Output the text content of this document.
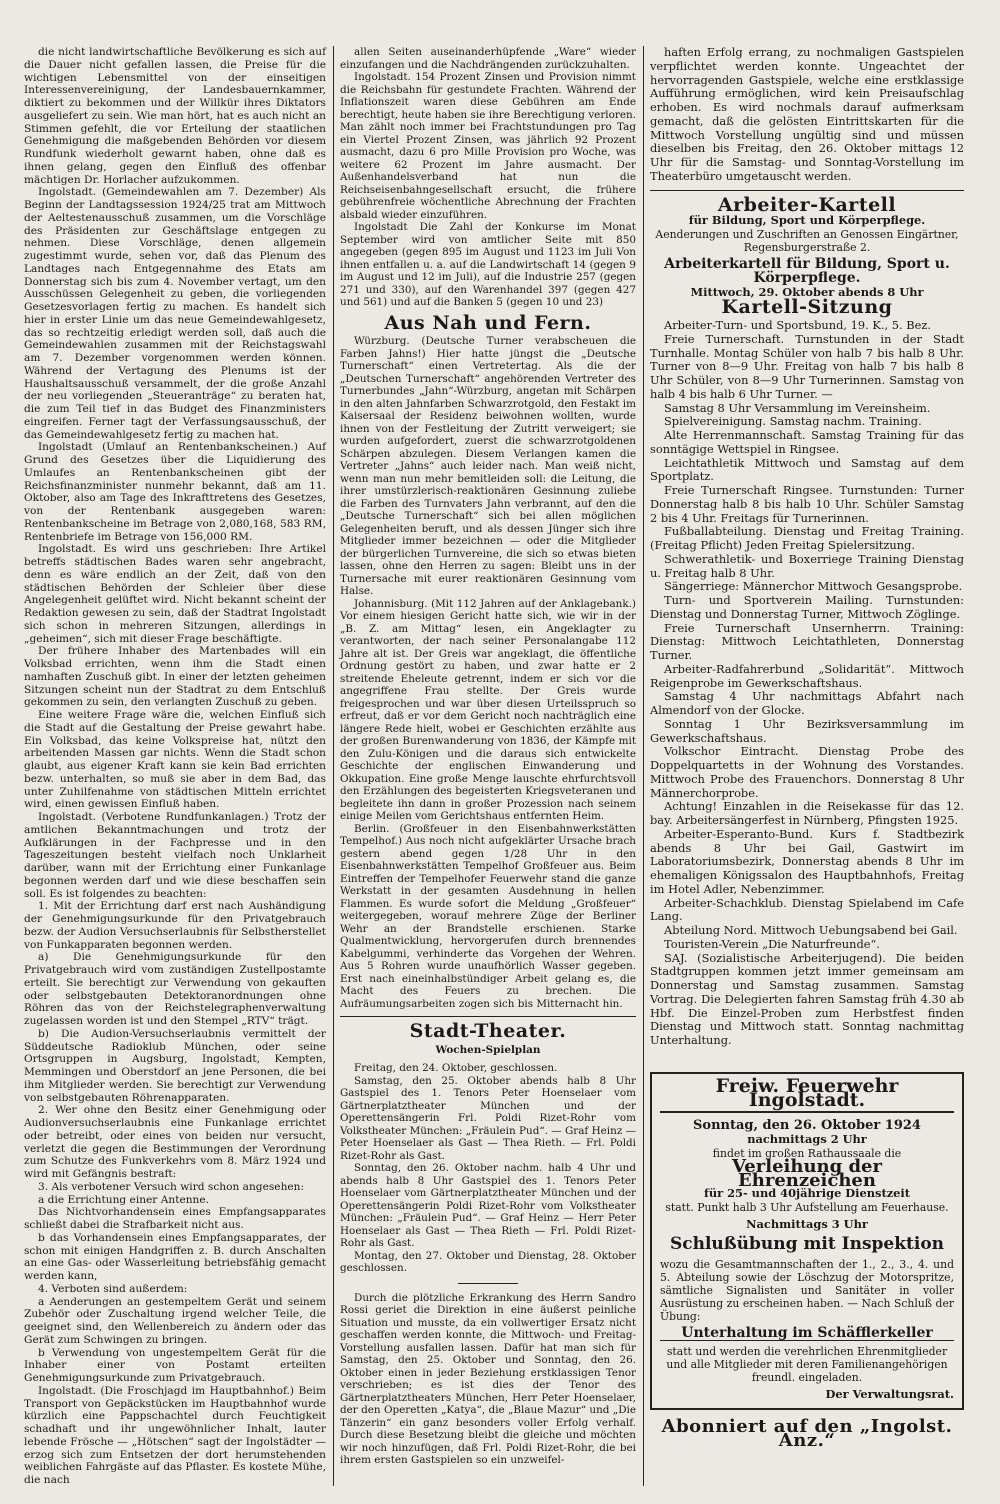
die nicht landwirtschaftliche Bevölkerung es sich auf die Dauer nicht gefallen lassen, die Preise für die wichtigen Lebensmittel von der einseitigen Interessenvereinigung, der Landesbauernkammer, diktiert zu bekommen und der Willkür ihres Diktators ausgeliefert zu sein. Wie man hört, hat es auch nicht an Stimmen gefehlt, die vor Erteilung der staatlichen Genehmigung die maßgebenden Behörden vor diesem Rundfunk wiederholt gewarnt haben, ohne daß es ihnen gelang, gegen den Einfluß des offenbar mächtigen Dr. Horlacher aufzukommen.

Ingolstadt. (Gemeindewahlen am 7. Dezember) Als Beginn der Landtagssession 1924/25 trat am Mittwoch der Aeltestenausschuß zusammen, um die Vorschläge des Präsidenten zur Geschäftslage entgegen zu nehmen. Diese Vorschläge, denen allgemein zugestimmt wurde, sehen vor, daß das Plenum des Landtages nach Entgegennahme des Etats am Donnerstag sich bis zum 4. November vertagt, um den Ausschüssen Gelegenheit zu geben, die vorliegenden Gesetzesvorlagen fertig zu machen. Es handelt sich hier in erster Linie um das neue Gemeindewahlgesetz, das so rechtzeitig erledigt werden soll, daß auch die Gemeindewahlen zusammen mit der Reichstagswahl am 7. Dezember vorgenommen werden können. Während der Vertagung des Plenums ist der Haushaltsausschuß versammelt, der die große Anzahl der neu vorliegenden „Steueranträge“ zu beraten hat, die zum Teil tief in das Budget des Finanzministers eingreifen. Ferner tagt der Verfassungsausschuß, der das Gemeindewahlgesetz fertig zu machen hat.

Ingolstadt (Umlauf an Rentenbankscheinen.) Auf Grund des Gesetzes über die Liquidierung des Umlaufes an Rentenbankscheinen gibt der Reichsfinanzminister nunmehr bekannt, daß am 11. Oktober, also am Tage des Inkrafttretens des Gesetzes, von der Rentenbank ausgegeben waren: Rentenbankscheine im Betrage von 2,080,168, 583 RM, Rentenbriefe im Betrage von 156,000 RM.

Ingolstadt. Es wird uns geschrieben: Ihre Artikel betreffs städtischen Bades waren sehr angebracht, denn es wäre endlich an der Zeit, daß von den städtischen Behörden der Schleier über diese Angelegenheit gelüftet wird. Nicht bekannt scheint der Redaktion gewesen zu sein, daß der Stadtrat Ingolstadt sich schon in mehreren Sitzungen, allerdings in „geheimen“, sich mit dieser Frage beschäftigte.

Der frühere Inhaber des Martenbades will ein Volksbad errichten, wenn ihm die Stadt einen namhaften Zuschuß gibt. In einer der letzten geheimen Sitzungen scheint nun der Stadtrat zu dem Entschluß gekommen zu sein, den verlangten Zuschuß zu geben.

Eine weitere Frage wäre die, welchen Einfluß sich die Stadt auf die Gestaltung der Preise gewahrt habe. Ein Volksbad, das keine Volkspreise hat, nützt den arbeitenden Massen gar nichts. Wenn die Stadt schon glaubt, aus eigener Kraft kann sie kein Bad errichten bezw. unterhalten, so muß sie aber in dem Bad, das unter Zuhilfenahme von städtischen Mitteln errichtet wird, einen gewissen Einfluß haben.

Ingolstadt. (Verbotene Rundfunkanlagen.) Trotz der amtlichen Bekanntmachungen und trotz der Aufklärungen in der Fachpresse und in den Tageszeitungen besteht vielfach noch Unklarheit darüber, wann mit der Errichtung einer Funkanlage begonnen werden darf und wie diese beschaffen sein soll. Es ist folgendes zu beachten:

1. Mit der Errichtung darf erst nach Aushändigung der Genehmigungsurkunde für den Privatgebrauch bezw. der Audion Versuchserlaubnis für Selbstherstellet von Funkapparaten begonnen werden.

a) Die Genehmigungsurkunde für den Privatgebrauch wird vom zuständigen Zustellpostamte erteilt. Sie berechtigt zur Verwendung von gekauften oder selbstgebauten Detektoranordnungen ohne Röhren das von der Reichstelegraphenverwaltung zugelassen worden ist und den Stempel „RTV“ trägt.

b) Die Audion-Versuchserlaubnis vermittelt der Süddeutsche Radioklub München, oder seine Ortsgruppen in Augsburg, Ingolstadt, Kempten, Memmingen und Oberstdorf an jene Personen, die bei ihm Mitglieder werden. Sie berechtigt zur Verwendung von selbstgebauten Röhrenapparaten.

2. Wer ohne den Besitz einer Genehmigung oder Audionversuchserlaubnis eine Funkanlage errichtet oder betreibt, oder eines von beiden nur versucht, verletzt die gegen die Bestimmungen der Verordnung zum Schutze des Funkverkehrs vom 8. März 1924 und wird mit Gefängnis bestraft:

3. Als verbotener Versuch wird schon angesehen:

a die Errichtung einer Antenne.

Das Nichtvorhandensein eines Empfangsapparates schließt dabei die Strafbarkeit nicht aus.

b das Vorhandensein eines Empfangsapparates, der schon mit einigen Handgriffen z. B. durch Anschalten an eine Gas- oder Wasserleitung betriebsfähig gemacht werden kann,

4. Verboten sind außerdem:

a Aenderungen an gestempeltem Gerät und seinem Zubehör oder Zuschaltung irgend welcher Teile, die geeignet sind, den Wellenbereich zu ändern oder das Gerät zum Schwingen zu bringen.

b Verwendung von ungestempeltem Gerät für die Inhaber einer von Postamt erteilten Genehmigungsurkunde zum Privatgebrauch.

Ingolstadt. (Die Froschjagd im Hauptbahnhof.) Beim Transport von Gepäckstücken im Hauptbahnhof wurde kürzlich eine Pappschachtel durch Feuchtigkeit schadhaft und ihr ungewöhnlicher Inhalt, lauter lebende Frösche — „Hötschen“ sagt der Ingolstädter — erzog sich zum Entsetzen der dort herumstehenden weiblichen Fahrgäste auf das Pflaster. Es kostete Mühe, die nach

allen Seiten auseinanderhüpfende „Ware“ wieder einzufangen und die Nachdrängenden zurückzuhalten.

Ingolstadt. 154 Prozent Zinsen und Provision nimmt die Reichsbahn für gestundete Frachten. Während der Inflationszeit waren diese Gebühren am Ende berechtigt, heute haben sie ihre Berechtigung verloren. Man zählt noch immer bei Frachtstundungen pro Tag ein Viertel Prozent Zinsen, was jährlich 92 Prozent ausmacht, dazu 6 pro Mille Provision pro Woche, was weitere 62 Prozent im Jahre ausmacht. Der Außenhandelsverband hat nun die Reichseisenbahngesellschaft ersucht, die frühere gebührenfreie wöchentliche Abrechnung der Frachten alsbald wieder einzuführen.

Ingolstadt Die Zahl der Konkurse im Monat September wird von amtlicher Seite mit 850 angegeben (gegen 895 im August und 1123 im Juli Von ihnen entfallen u. a. auf die Landwirtschaft 14 (gegen 9 im August und 12 im Juli), auf die Industrie 257 (gegen 271 und 330), auf den Warenhandel 397 (gegen 427 und 561) und auf die Banken 5 (gegen 10 und 23)

Aus Nah und Fern.

Würzburg. (Deutsche Turner verabscheuen die Farben Jahns!) Hier hatte jüngst die „Deutsche Turnerschaft“ einen Vertretertag. Als die der „Deutschen Turnerschaft“ angehörenden Vertreter des Turnerbundes „Jahn“-Würzburg, angetan mit Schärpen in den alten Jahnfarben Schwarzrotgold, den Festakt im Kaisersaal der Residenz beiwohnen wollten, wurde ihnen von der Festleitung der Zutritt verweigert; sie wurden aufgefordert, zuerst die schwarzrotgoldenen Schärpen abzulegen. Diesem Verlangen kamen die Vertreter „Jahns“ auch leider nach. Man weiß nicht, wenn man nun mehr bemitleiden soll: die Leitung, die ihrer umstürzlerisch-reaktionären Gesinnung zuliebe die Farben des Turnvaters Jahn verbrannt, auf den die „Deutsche Turnerschaft“ sich bei allen möglichen Gelegenheiten beruft, und als dessen Jünger sich ihre Mitglieder immer bezeichnen — oder die Mitglieder der bürgerlichen Turnvereine, die sich so etwas bieten lassen, ohne den Herren zu sagen: Bleibt uns in der Turnersache mit eurer reaktionären Gesinnung vom Halse.

Johannisburg. (Mit 112 Jahren auf der Anklagebank.) Vor einem hiesigen Gericht hatte sich, wie wir in der „B. Z. am Mittag“ lesen, ein Angeklagter zu verantworten, der nach seiner Personalangabe 112 Jahre alt ist. Der Greis war angeklagt, die öffentliche Ordnung gestört zu haben, und zwar hatte er 2 streitende Eheleute getrennt, indem er sich vor die angegriffene Frau stellte. Der Greis wurde freigesprochen und war über diesen Urteilsspruch so erfreut, daß er vor dem Gericht noch nachträglich eine längere Rede hielt, wobei er Geschichten erzählte aus der großen Burenwanderung von 1836, der Kämpfe mit den Zulu-Königen und die daraus sich entwickelte Geschichte der englischen Einwanderung und Okkupation. Eine große Menge lauschte ehrfurchtsvoll den Erzählungen des begeisterten Kriegsveteranen und begleitete ihn dann in großer Prozession nach seinem einige Meilen vom Gerichtshaus entfernten Heim.

Berlin. (Großfeuer in den Eisenbahnwerkstätten Tempelhof.) Aus noch nicht aufgeklärter Ursache brach gestern abend gegen 1/28 Uhr in den Eisenbahnwerkstätten Tempelhof Großfeuer aus. Beim Eintreffen der Tempelhofer Feuerwehr stand die ganze Werkstatt in der gesamten Ausdehnung in hellen Flammen. Es wurde sofort die Meldung „Großfeuer“ weitergegeben, worauf mehrere Züge der Berliner Wehr an der Brandstelle erschienen. Starke Qualmentwicklung, hervorgerufen durch brennendes Kabelgummi, verhinderte das Vorgehen der Wehren. Aus 5 Rohren wurde unaufhörlich Wasser gegeben. Erst nach eineinhalbstündiger Arbeit gelang es, die Macht des Feuers zu brechen. Die Aufräumungsarbeiten zogen sich bis Mitternacht hin.

Stadt-Theater.
Wochen-Spielplan

Freitag, den 24. Oktober, geschlossen.

Samstag, den 25. Oktober abends halb 8 Uhr Gastspiel des 1. Tenors Peter Hoenselaer vom Gärtnerplatztheater München und der Operettensängerin Frl. Poldi Rizet-Rohr vom Volkstheater München: „Fräulein Pud“. — Graf Heinz — Peter Hoenselaer als Gast — Thea Rieth. — Frl. Poldi Rizet-Rohr als Gast.

Sonntag, den 26. Oktober nachm. halb 4 Uhr und abends halb 8 Uhr Gastspiel des 1. Tenors Peter Hoenselaer vom Gärtnerplatztheater München und der Operettensängerin Poldi Rizet-Rohr vom Volkstheater München: „Fräulein Pud“. — Graf Heinz — Herr Peter Hoenselaer als Gast — Thea Rieth — Frl. Poldi Rizet-Rohr als Gast.

Montag, den 27. Oktober und Dienstag, 28. Oktober geschlossen.

Durch die plötzliche Erkrankung des Herrn Sandro Rossi geriet die Direktion in eine äußerst peinliche Situation und musste, da ein vollwertiger Ersatz nicht geschaffen werden konnte, die Mittwoch- und Freitag-Vorstellung ausfallen lassen. Dafür hat man sich für Samstag, den 25. Oktober und Sonntag, den 26. Oktober einen in jeder Beziehung erstklassigen Tenor verschrieben; es ist dies der Tenor des Gärtnerplatztheaters München, Herr Peter Hoenselaer, der den Operetten „Katya“, die „Blaue Mazur“ und „Die Tänzerin“ ein ganz besonders voller Erfolg verhalf. Durch diese Besetzung bleibt die gleiche und möchten wir noch hinzufügen, daß Frl. Poldi Rizet-Rohr, die bei ihrem ersten Gastspielen so ein unzweifel-

haften Erfolg errang, zu nochmaligen Gastspielen verpflichtet werden konnte. Ungeachtet der hervorragenden Gastspiele, welche eine erstklassige Aufführung ermöglichen, wird kein Preisaufschlag erhoben. Es wird nochmals darauf aufmerksam gemacht, daß die gelösten Eintrittskarten für die Mittwoch Vorstellung ungültig sind und müssen dieselben bis Freitag, den 26. Oktober mittags 12 Uhr für die Samstag- und Sonntag-Vorstellung im Theaterbüro umgetauscht werden.

Arbeiter-Kartell
für Bildung, Sport und Körperpflege.
Aenderungen und Zuschriften an Genossen Eingärtner, Regensburgerstraße 2.
Arbeiterkartell für Bildung, Sport u. Körperpflege.
Mittwoch, 29. Oktober abends 8 Uhr
Kartell-Sitzung

Arbeiter-Turn- und Sportsbund, 19. K., 5. Bez.

Freie Turnerschaft. Turnstunden in der Stadt Turnhalle. Montag Schüler von halb 7 bis halb 8 Uhr. Turner von 8—9 Uhr. Freitag von halb 7 bis halb 8 Uhr Schüler, von 8—9 Uhr Turnerinnen. Samstag von halb 4 bis halb 6 Uhr Turner. —

Samstag 8 Uhr Versammlung im Vereinsheim.

Spielvereinigung. Samstag nachm. Training.

Alte Herrenmannschaft. Samstag Training für das sonntägige Wettspiel in Ringsee.

Leichtathletik Mittwoch und Samstag auf dem Sportplatz.

Freie Turnerschaft Ringsee. Turnstunden: Turner Donnerstag halb 8 bis halb 10 Uhr. Schüler Samstag 2 bis 4 Uhr. Freitags für Turnerinnen.

Fußballabteilung. Dienstag und Freitag Training. (Freitag Pflicht) Jeden Freitag Spielersitzung.

Schwerathletik- und Boxerriege Training Dienstag u. Freitag halb 8 Uhr.

Sängerriege: Männerchor Mittwoch Gesangsprobe.

Turn- und Sportverein Mailing. Turnstunden: Dienstag und Donnerstag Turner, Mittwoch Zöglinge.

Freie Turnerschaft Unsernherrn. Training: Dienstag: Mittwoch Leichtathleten, Donnerstag Turner.

Arbeiter-Radfahrerbund „Solidarität“. Mittwoch Reigenprobe im Gewerkschaftshaus.

Samstag 4 Uhr nachmittags Abfahrt nach Almendorf von der Glocke.

Sonntag 1 Uhr Bezirksversammlung im Gewerkschaftshaus.

Volkschor Eintracht. Dienstag Probe des Doppelquartetts in der Wohnung des Vorstandes. Mittwoch Probe des Frauenchors. Donnerstag 8 Uhr Männerchorprobe.

Achtung! Einzahlen in die Reisekasse für das 12. bay. Arbeitersängerfest in Nürnberg, Pfingsten 1925.

Arbeiter-Esperanto-Bund. Kurs f. Stadtbezirk abends 8 Uhr bei Gail, Gastwirt im Laboratoriumsbezirk, Donnerstag abends 8 Uhr im ehemaligen Königssalon des Hauptbahnhofs, Freitag im Hotel Adler, Nebenzimmer.

Arbeiter-Schachklub. Dienstag Spielabend im Cafe Lang.

Abteilung Nord. Mittwoch Uebungsabend bei Gail.

Touristen-Verein „Die Naturfreunde“.

SAJ. (Sozialistische Arbeiterjugend). Die beiden Stadtgruppen kommen jetzt immer gemeinsam am Donnerstag und Samstag zusammen. Samstag Vortrag. Die Delegierten fahren Samstag früh 4.30 ab Hbf. Die Einzel-Proben zum Herbstfest finden Dienstag und Mittwoch statt. Sonntag nachmittag Unterhaltung.

Freiw. Feuerwehr Ingolstadt.
Sonntag, den 26. Oktober 1924
nachmittags 2 Uhr
findet im großen Rathaussaale die
Verleihung der Ehrenzeichen
für 25- und 40jährige Dienstzeit
statt. Punkt halb 3 Uhr Aufstellung am Feuerhause.
Nachmittags 3 Uhr
Schlußübung mit Inspektion
wozu die Gesamtmannschaften der 1., 2., 3., 4. und 5. Abteilung sowie der Löschzug der Motorspritze, sämtliche Signalisten und Sanitäter in voller Ausrüstung zu erscheinen haben. — Nach Schluß der Übung:
Unterhaltung im Schäfflerkeller
statt und werden die verehrlichen Ehrenmitglieder und alle Mitglieder mit deren Familienangehörigen freundl. eingeladen.
Der Verwaltungsrat.
Abonniert auf den „Ingolst. Anz.“
